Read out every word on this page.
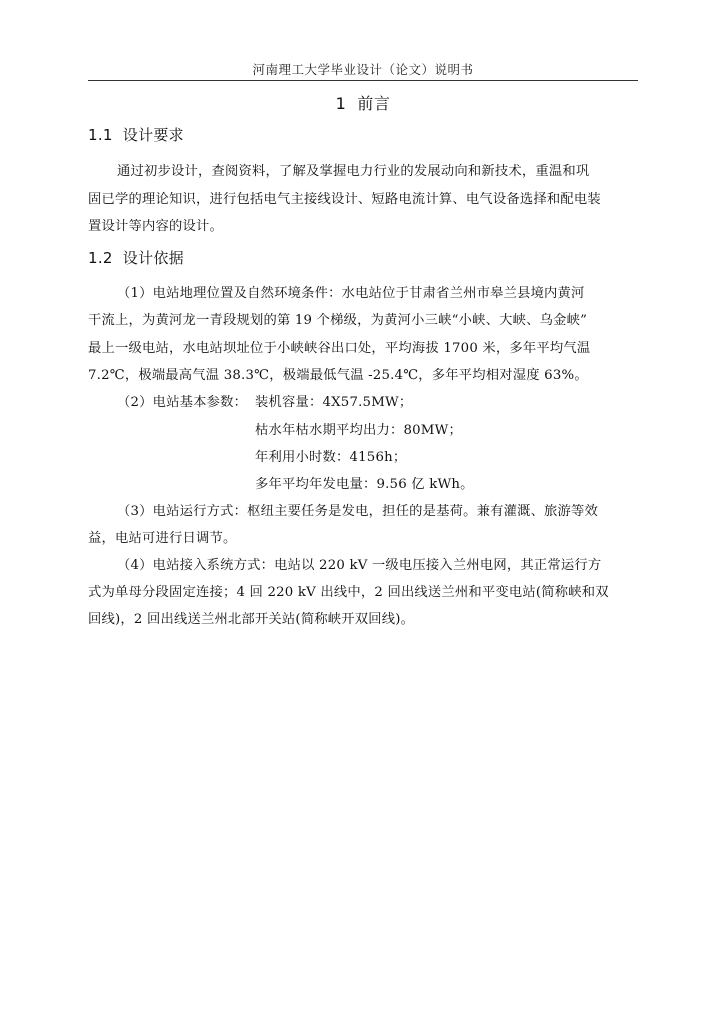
河南理工大学毕业设计（论文）说明书
1 前言
1.1 设计要求
通过初步设计，查阅资料，了解及掌握电力行业的发展动向和新技术，重温和巩
固已学的理论知识，进行包括电气主接线设计、短路电流计算、电气设备选择和配电装
置设计等内容的设计。
1.2 设计依据
（1）电站地理位置及自然环境条件：水电站位于甘肃省兰州市皋兰县境内黄河
干流上，为黄河龙一青段规划的第 19 个梯级，为黄河小三峡“小峡、大峡、乌金峡”
最上一级电站，水电站坝址位于小峡峡谷出口处，平均海拔 1700 米，多年平均气温
7.2℃，极端最高气温 38.3℃，极端最低气温 -25.4℃，多年平均相对湿度 63%。
（2）电站基本参数： 装机容量：4X57.5MW；
枯水年枯水期平均出力：80MW；
年利用小时数：4156h；
多年平均年发电量：9.56 亿 kWh。
（3）电站运行方式：枢纽主要任务是发电，担任的是基荷。兼有灌溉、旅游等效
益，电站可进行日调节。
（4）电站接入系统方式：电站以 220 kV 一级电压接入兰州电网，其正常运行方
式为单母分段固定连接；4 回 220 kV 出线中，2 回出线送兰州和平变电站(简称峡和双
回线)，2 回出线送兰州北部开关站(简称峡开双回线)。
